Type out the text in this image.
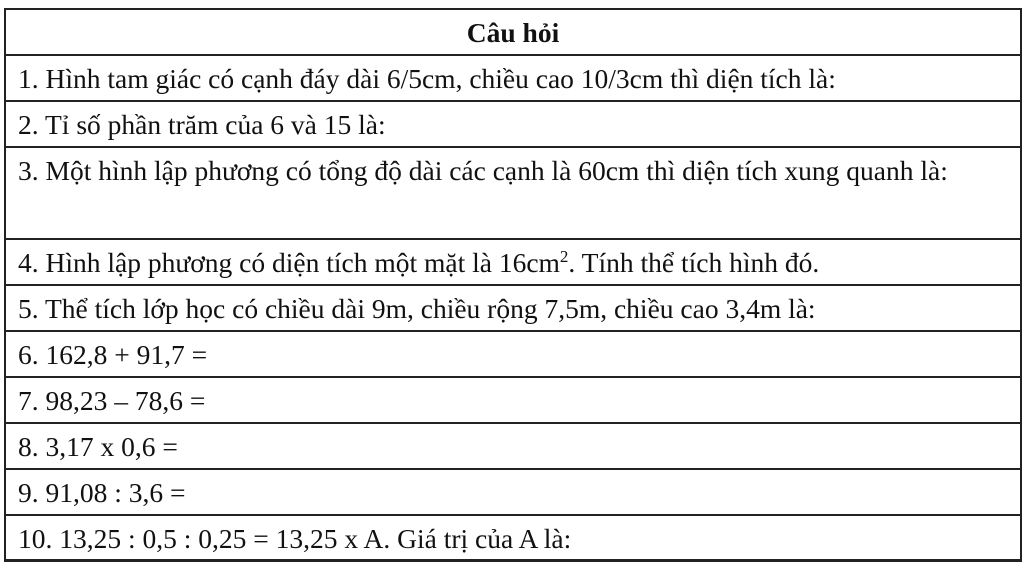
Câu hỏi
1. Hình tam giác có cạnh đáy dài 6/5cm, chiều cao 10/3cm thì diện tích là:
2. Tỉ số phần trăm của 6 và 15 là:
3. Một hình lập phương có tổng độ dài các cạnh là 60cm thì diện tích xung quanh là:
4. Hình lập phương có diện tích một mặt là $16cm^2$. Tính thể tích hình đó.
5. Thể tích lớp học có chiều dài 9m, chiều rộng 7,5m, chiều cao 3,4m là:
6. 162,8 + 91,7 =
7. 98,23 – 78,6 =
8. 3,17 x 0,6 =
9. 91,08 : 3,6 =
10. 13,25 : 0,5 : 0,25 = 13,25 x A. Giá trị của A là:
